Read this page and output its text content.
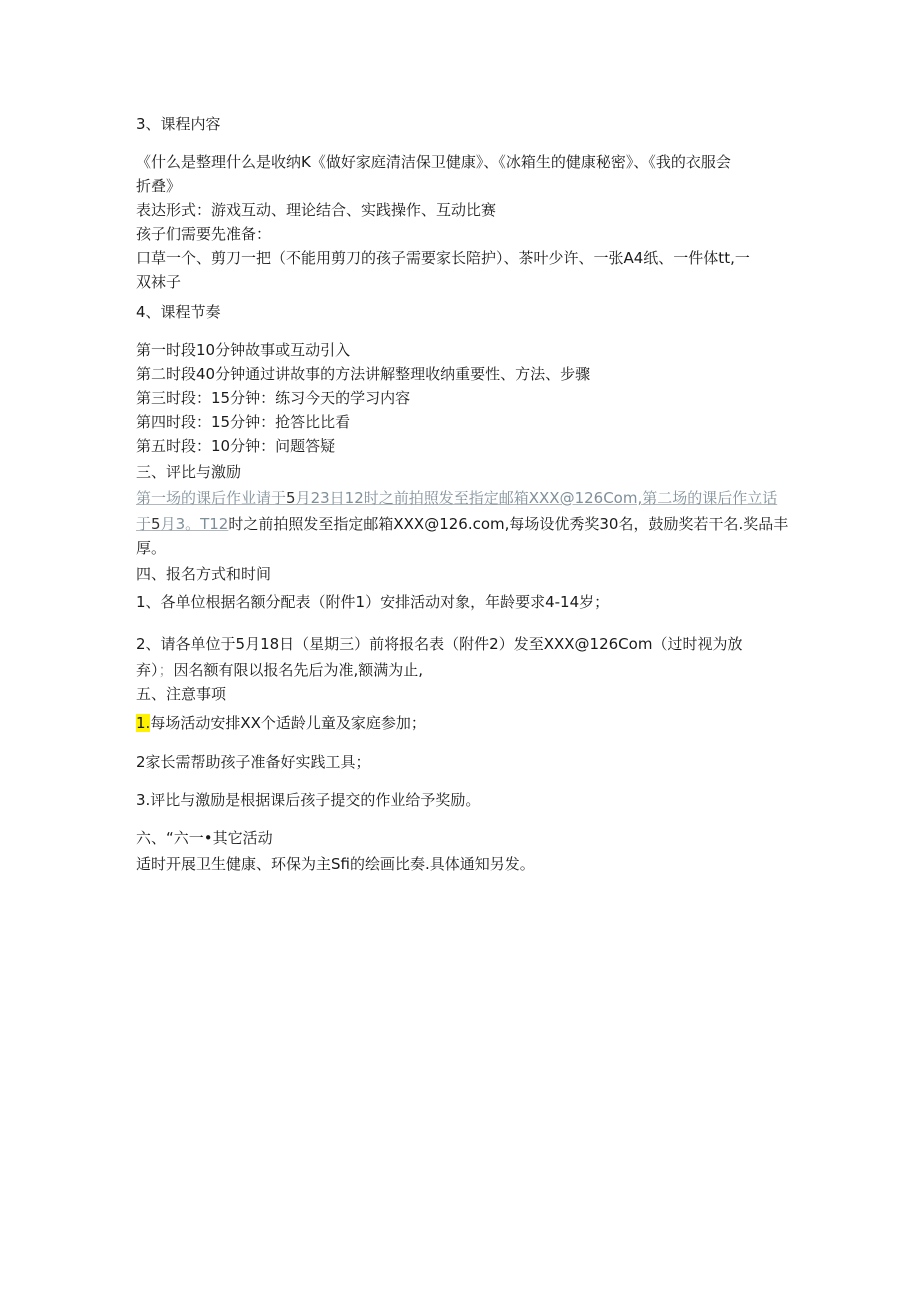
3、课程内容
《什么是整理什么是收纳K《做好家庭清洁保卫健康》、《冰箱生的健康秘密》、《我的衣服会
折叠》
表达形式：游戏互动、理论结合、实践操作、互动比赛
孩子们需要先准备：
口草一个、剪刀一把（不能用剪刀的孩子需要家长陪护）、茶叶少许、一张A4纸、一件体tt,一
双袜子
4、课程节奏
第一时段10分钟故事或互动引入
第二时段40分钟通过讲故事的方法讲解整理收纳重要性、方法、步骤
第三时段：15分钟：练习今天的学习内容
第四时段：15分钟：抢答比比看
第五时段：10分钟：问题答疑
三、评比与激励
第一场的课后作业请于5月23日12时之前拍照发至指定邮箱XXX@126Com,第二场的课后作立话
于5月3。T12时之前拍照发至指定邮箱XXX@126.com,每场设优秀奖30名，鼓励奖若干名.奖品丰
厚。
四、报名方式和时间
1、各单位根据名额分配表（附件1）安排活动对象，年龄要求4-14岁；
2、请各单位于5月18日（星期三）前将报名表（附件2）发至XXX@126Com（过时视为放
弃）；因名额有限以报名先后为准,额满为止,
五、注意事项
1.每场活动安排XX个适龄儿童及家庭参加；
2家长需帮助孩子准备好实践工具；
3.评比与激励是根据课后孩子提交的作业给予奖励。
六、“六一•其它活动
适时开展卫生健康、环保为主Sfi的绘画比奏.具体通知另发。
